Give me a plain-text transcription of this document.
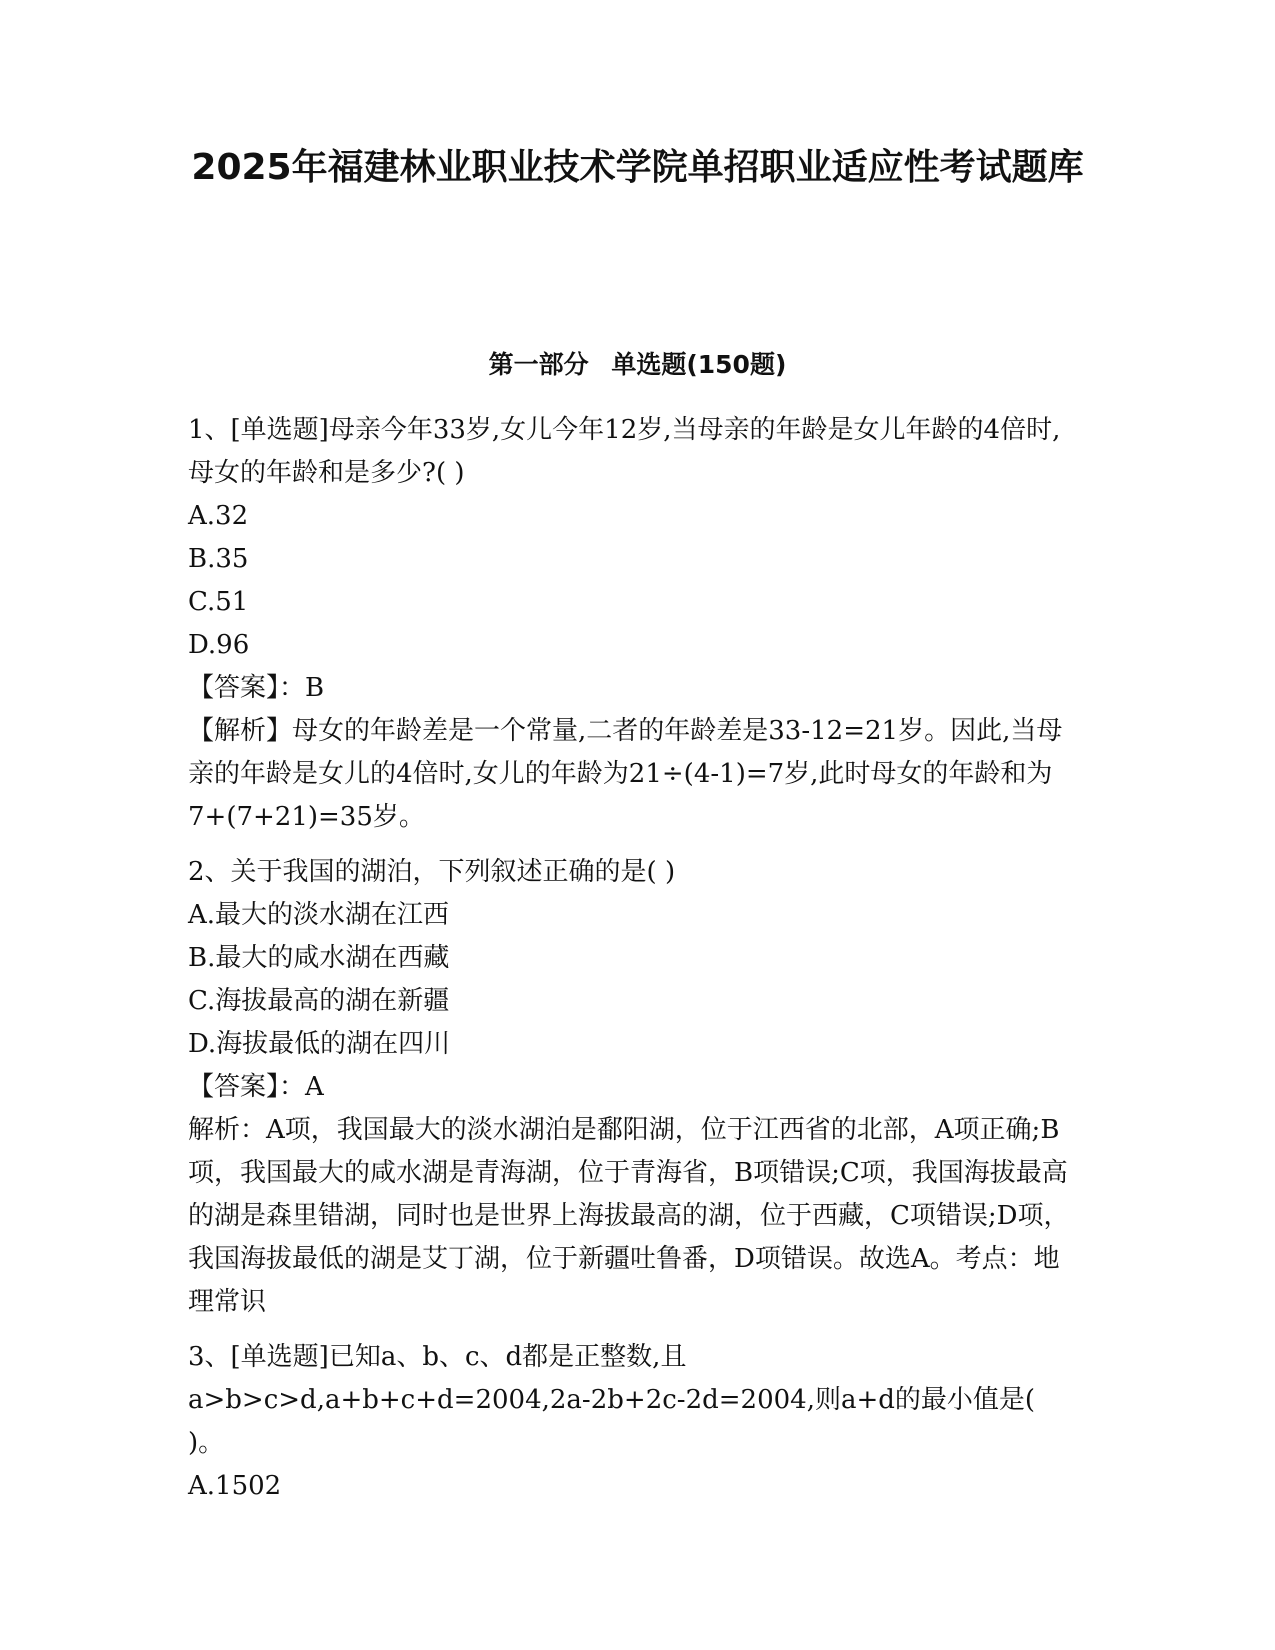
2025年福建林业职业技术学院单招职业适应性考试题库
第一部分 单选题(150题)

1、[单选题]母亲今年33岁,女儿今年12岁,当母亲的年龄是女儿年龄的4倍时,母女的年龄和是多少?( )

A.32

B.35

C.51

D.96

【答案】：B

【解析】母女的年龄差是一个常量,二者的年龄差是33-12=21岁。因此,当母亲的年龄是女儿的4倍时,女儿的年龄为21÷(4-1)=7岁,此时母女的年龄和为7+(7+21)=35岁。

2、关于我国的湖泊，下列叙述正确的是( )

A.最大的淡水湖在江西

B.最大的咸水湖在西藏

C.海拔最高的湖在新疆

D.海拔最低的湖在四川

【答案】：A

解析：A项，我国最大的淡水湖泊是鄱阳湖，位于江西省的北部，A项正确;B项，我国最大的咸水湖是青海湖，位于青海省，B项错误;C项，我国海拔最高的湖是森里错湖，同时也是世界上海拔最高的湖，位于西藏，C项错误;D项，我国海拔最低的湖是艾丁湖，位于新疆吐鲁番，D项错误。故选A。考点：地理常识

3、[单选题]已知a、b、c、d都是正整数,且

a>b>c>d,a+b+c+d=2004,2a-2b+2c-2d=2004,则a+d的最小值是( )。

A.1502
